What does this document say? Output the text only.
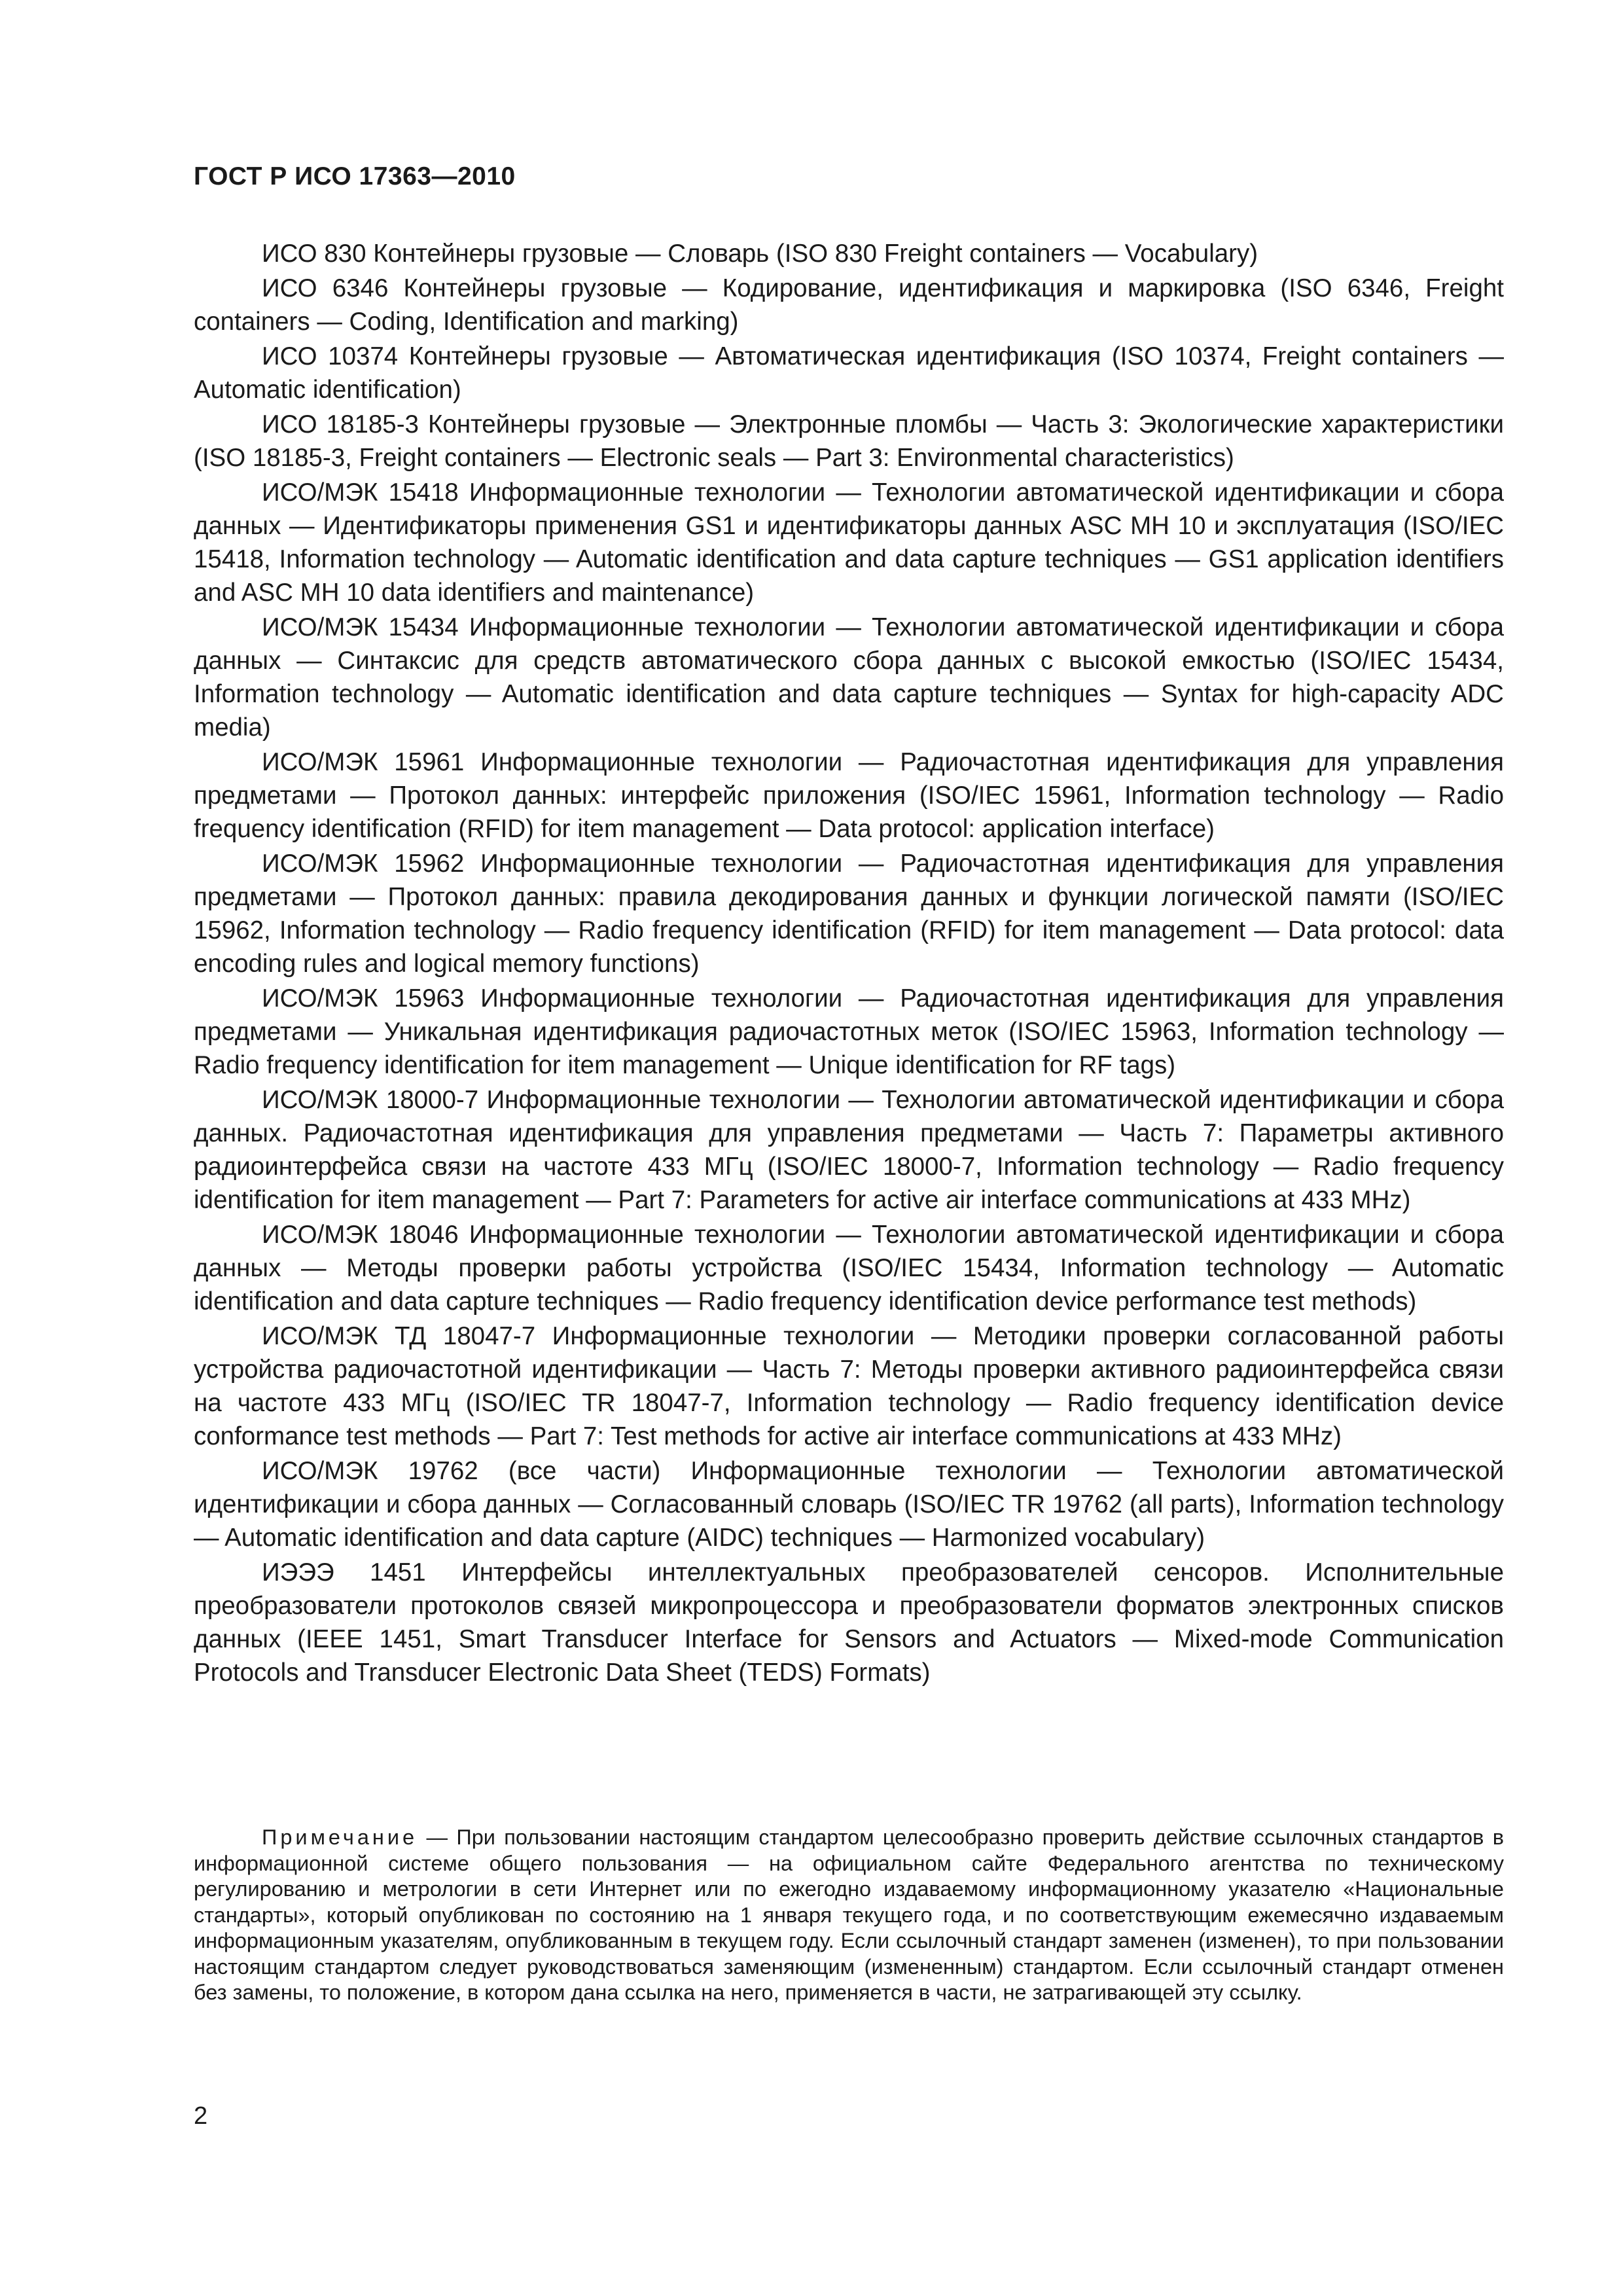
ГОСТ Р ИСО 17363—2010

ИСО 830 Контейнеры грузовые — Словарь (ISO 830 Freight containers — Vocabulary)

ИСО 6346 Контейнеры грузовые — Кодирование, идентификация и маркировка (ISO 6346, Freight containers — Coding, Identification and marking)

ИСО 10374 Контейнеры грузовые — Автоматическая идентификация (ISO 10374, Freight containers — Automatic identification)

ИСО 18185-3 Контейнеры грузовые — Электронные пломбы — Часть 3: Экологические характеристики (ISO 18185-3, Freight containers — Electronic seals — Part 3: Environmental characteristics)

ИСО/МЭК 15418 Информационные технологии — Технологии автоматической идентификации и сбора данных — Идентификаторы применения GS1 и идентификаторы данных ASC MH 10 и эксплуатация (ISO/IEC 15418, Information technology — Automatic identification and data capture techniques — GS1 application identifiers and ASC MH 10 data identifiers and maintenance)

ИСО/МЭК 15434 Информационные технологии — Технологии автоматической идентификации и сбора данных — Синтаксис для средств автоматического сбора данных с высокой емкостью (ISO/IEC 15434, Information technology — Automatic identification and data capture techniques — Syntax for high-capacity ADC media)

ИСО/МЭК 15961 Информационные технологии — Радиочастотная идентификация для управления предметами — Протокол данных: интерфейс приложения (ISO/IEC 15961, Information technology — Radio frequency identification (RFID) for item management — Data protocol: application interface)

ИСО/МЭК 15962 Информационные технологии — Радиочастотная идентификация для управления предметами — Протокол данных: правила декодирования данных и функции логической памяти (ISO/IEC 15962, Information technology — Radio frequency identification (RFID) for item management — Data protocol: data encoding rules and logical memory functions)

ИСО/МЭК 15963 Информационные технологии — Радиочастотная идентификация для управления предметами — Уникальная идентификация радиочастотных меток (ISO/IEC 15963, Information technology — Radio frequency identification for item management — Unique identification for RF tags)

ИСО/МЭК 18000-7 Информационные технологии — Технологии автоматической идентификации и сбора данных. Радиочастотная идентификация для управления предметами — Часть 7: Параметры активного радиоинтерфейса связи на частоте 433 МГц (ISO/IEC 18000-7, Information technology — Radio frequency identification for item management — Part 7: Parameters for active air interface communications at 433 MHz)

ИСО/МЭК 18046 Информационные технологии — Технологии автоматической идентификации и сбора данных — Методы проверки работы устройства (ISO/IEC 15434, Information technology — Automatic identification and data capture techniques — Radio frequency identification device performance test methods)

ИСО/МЭК ТД 18047-7 Информационные технологии — Методики проверки согласованной работы устройства радиочастотной идентификации — Часть 7: Методы проверки активного радиоинтерфейса связи на частоте 433 МГц (ISO/IEC TR 18047-7, Information technology — Radio frequency identification device conformance test methods — Part 7: Test methods for active air interface communications at 433 MHz)

ИСО/МЭК 19762 (все части) Информационные технологии — Технологии автоматической идентификации и сбора данных — Согласованный словарь (ISO/IEC TR 19762 (all parts), Information technology — Automatic identification and data capture (AIDC) techniques — Harmonized vocabulary)

ИЭЭЭ 1451 Интерфейсы интеллектуальных преобразователей сенсоров. Исполнительные преобразователи протоколов связей микропроцессора и преобразователи форматов электронных списков данных (IEEE 1451, Smart Transducer Interface for Sensors and Actuators — Mixed-mode Communication Protocols and Transducer Electronic Data Sheet (TEDS) Formats)

Примечание — При пользовании настоящим стандартом целесообразно проверить действие ссылочных стандартов в информационной системе общего пользования — на официальном сайте Федерального агентства по техническому регулированию и метрологии в сети Интернет или по ежегодно издаваемому информационному указателю «Национальные стандарты», который опубликован по состоянию на 1 января текущего года, и по соответствующим ежемесячно издаваемым информационным указателям, опубликованным в текущем году. Если ссылочный стандарт заменен (изменен), то при пользовании настоящим стандартом следует руководствоваться заменяющим (измененным) стандартом. Если ссылочный стандарт отменен без замены, то положение, в котором дана ссылка на него, применяется в части, не затрагивающей эту ссылку.
2
